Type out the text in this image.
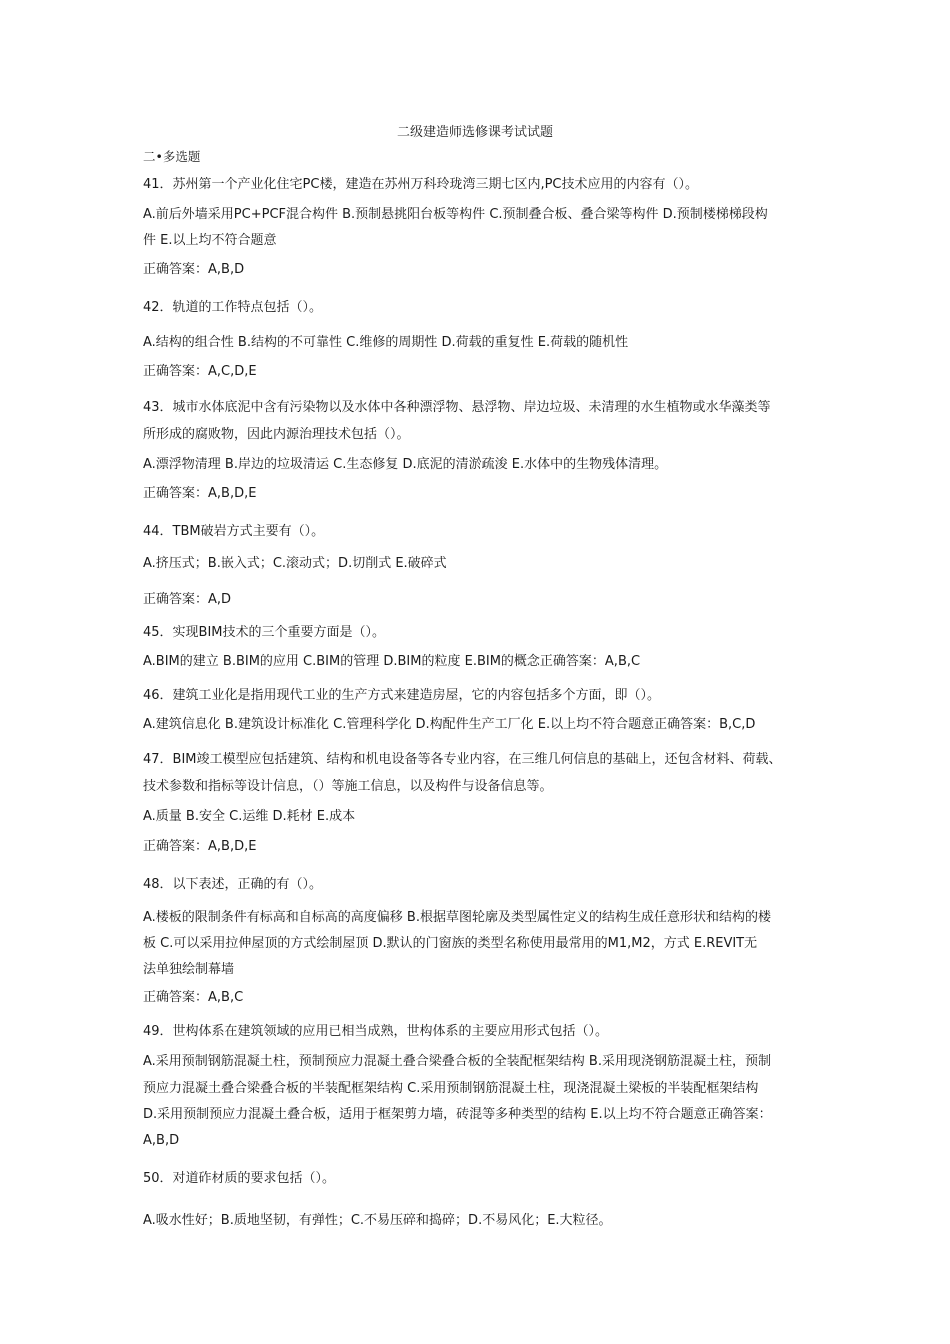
二级建造师选修课考试试题
二•多选题
41．苏州第一个产业化住宅PC楼，建造在苏州万科玲珑湾三期七区内,PC技术应用的内容有（）。
A.前后外墙采用PC+PCF混合构件 B.预制悬挑阳台板等构件 C.预制叠合板、叠合梁等构件 D.预制楼梯梯段构
件 E.以上均不符合题意
正确答案：A,B,D
42．轨道的工作特点包括（）。
A.结构的组合性 B.结构的不可靠性 C.维修的周期性 D.荷载的重复性 E.荷载的随机性
正确答案：A,C,D,E
43．城市水体底泥中含有污染物以及水体中各种漂浮物、悬浮物、岸边垃圾、未清理的水生植物或水华藻类等
所形成的腐败物，因此内源治理技术包括（）。
A.漂浮物清理 B.岸边的垃圾清运 C.生态修复 D.底泥的清淤疏浚 E.水体中的生物残体清理。
正确答案：A,B,D,E
44．TBM破岩方式主要有（）。
A.挤压式；B.嵌入式；C.滚动式；D.切削式 E.破碎式
正确答案：A,D
45．实现BIM技术的三个重要方面是（）。
A.BIM的建立 B.BIM的应用 C.BIM的管理 D.BIM的粒度 E.BIM的概念正确答案：A,B,C
46．建筑工业化是指用现代工业的生产方式来建造房屋，它的内容包括多个方面，即（）。
A.建筑信息化 B.建筑设计标准化 C.管理科学化 D.构配件生产工厂化 E.以上均不符合题意正确答案：B,C,D
47．BIM竣工模型应包括建筑、结构和机电设备等各专业内容，在三维几何信息的基础上，还包含材料、荷载、
技术参数和指标等设计信息，（）等施工信息，以及构件与设备信息等。
A.质量 B.安全 C.运维 D.耗材 E.成本
正确答案：A,B,D,E
48．以下表述，正确的有（）。
A.楼板的限制条件有标高和自标高的高度偏移 B.根据草图轮廓及类型属性定义的结构生成任意形状和结构的楼
板 C.可以采用拉伸屋顶的方式绘制屋顶 D.默认的门窗族的类型名称使用最常用的M1,M2，方式 E.REVIT无
法单独绘制幕墙
正确答案：A,B,C
49．世构体系在建筑领域的应用已相当成熟，世构体系的主要应用形式包括（）。
A.采用预制钢筋混凝土柱，预制预应力混凝土叠合梁叠合板的全装配框架结构 B.采用现浇钢筋混凝土柱，预制
预应力混凝土叠合梁叠合板的半装配框架结构 C.采用预制钢筋混凝土柱，现浇混凝土梁板的半装配框架结构
D.采用预制预应力混凝土叠合板，适用于框架剪力墙，砖混等多种类型的结构 E.以上均不符合题意正确答案：
A,B,D
50．对道砟材质的要求包括（）。
A.吸水性好；B.质地坚韧，有弹性；C.不易压碎和捣碎；D.不易风化；E.大粒径。
